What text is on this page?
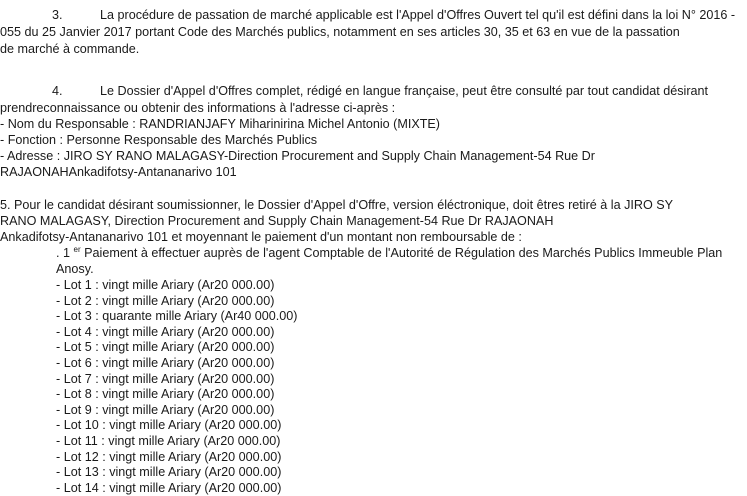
3.	La procédure de passation de marché applicable est l'Appel d'Offres Ouvert tel qu'il est défini dans la loi N° 2016 -
055 du 25 Janvier 2017 portant Code des Marchés publics, notamment en ses articles 30, 35 et 63 en vue de la passation
de marché à commande.
4.	Le Dossier d'Appel d'Offres complet, rédigé en langue française, peut être consulté par tout candidat désirant
prendreconnaissance ou obtenir des informations à l'adresse ci-après :
- Nom du Responsable : RANDRIANJAFY Miharinirina Michel Antonio (MIXTE)
- Fonction : Personne Responsable des Marchés Publics
- Adresse : JIRO SY RANO MALAGASY-Direction Procurement and Supply Chain Management-54 Rue Dr
RAJAONAHAnkadifotsy-Antananarivo 101
5. Pour le candidat désirant soumissionner, le Dossier d'Appel d'Offre, version éléctronique, doit êtres retiré à la JIRO SY
RANO MALAGASY, Direction Procurement and Supply Chain Management-54 Rue Dr RAJAONAH
Ankadifotsy-Antananarivo 101 et moyennant le paiement d'un montant non remboursable de :
. 1 $^{er}$ Paiement à effectuer auprès de l'agent Comptable de l'Autorité de Régulation des Marchés Publics Immeuble Plan
Anosy.
- Lot 1 : vingt mille Ariary (Ar20 000.00)
- Lot 2 : vingt mille Ariary (Ar20 000.00)
- Lot 3 : quarante mille Ariary (Ar40 000.00)
- Lot 4 : vingt mille Ariary (Ar20 000.00)
- Lot 5 : vingt mille Ariary (Ar20 000.00)
- Lot 6 : vingt mille Ariary (Ar20 000.00)
- Lot 7 : vingt mille Ariary (Ar20 000.00)
- Lot 8 : vingt mille Ariary (Ar20 000.00)
- Lot 9 : vingt mille Ariary (Ar20 000.00)
- Lot 10 : vingt mille Ariary (Ar20 000.00)
- Lot 11 : vingt mille Ariary (Ar20 000.00)
- Lot 12 : vingt mille Ariary (Ar20 000.00)
- Lot 13 : vingt mille Ariary (Ar20 000.00)
- Lot 14 : vingt mille Ariary (Ar20 000.00)
